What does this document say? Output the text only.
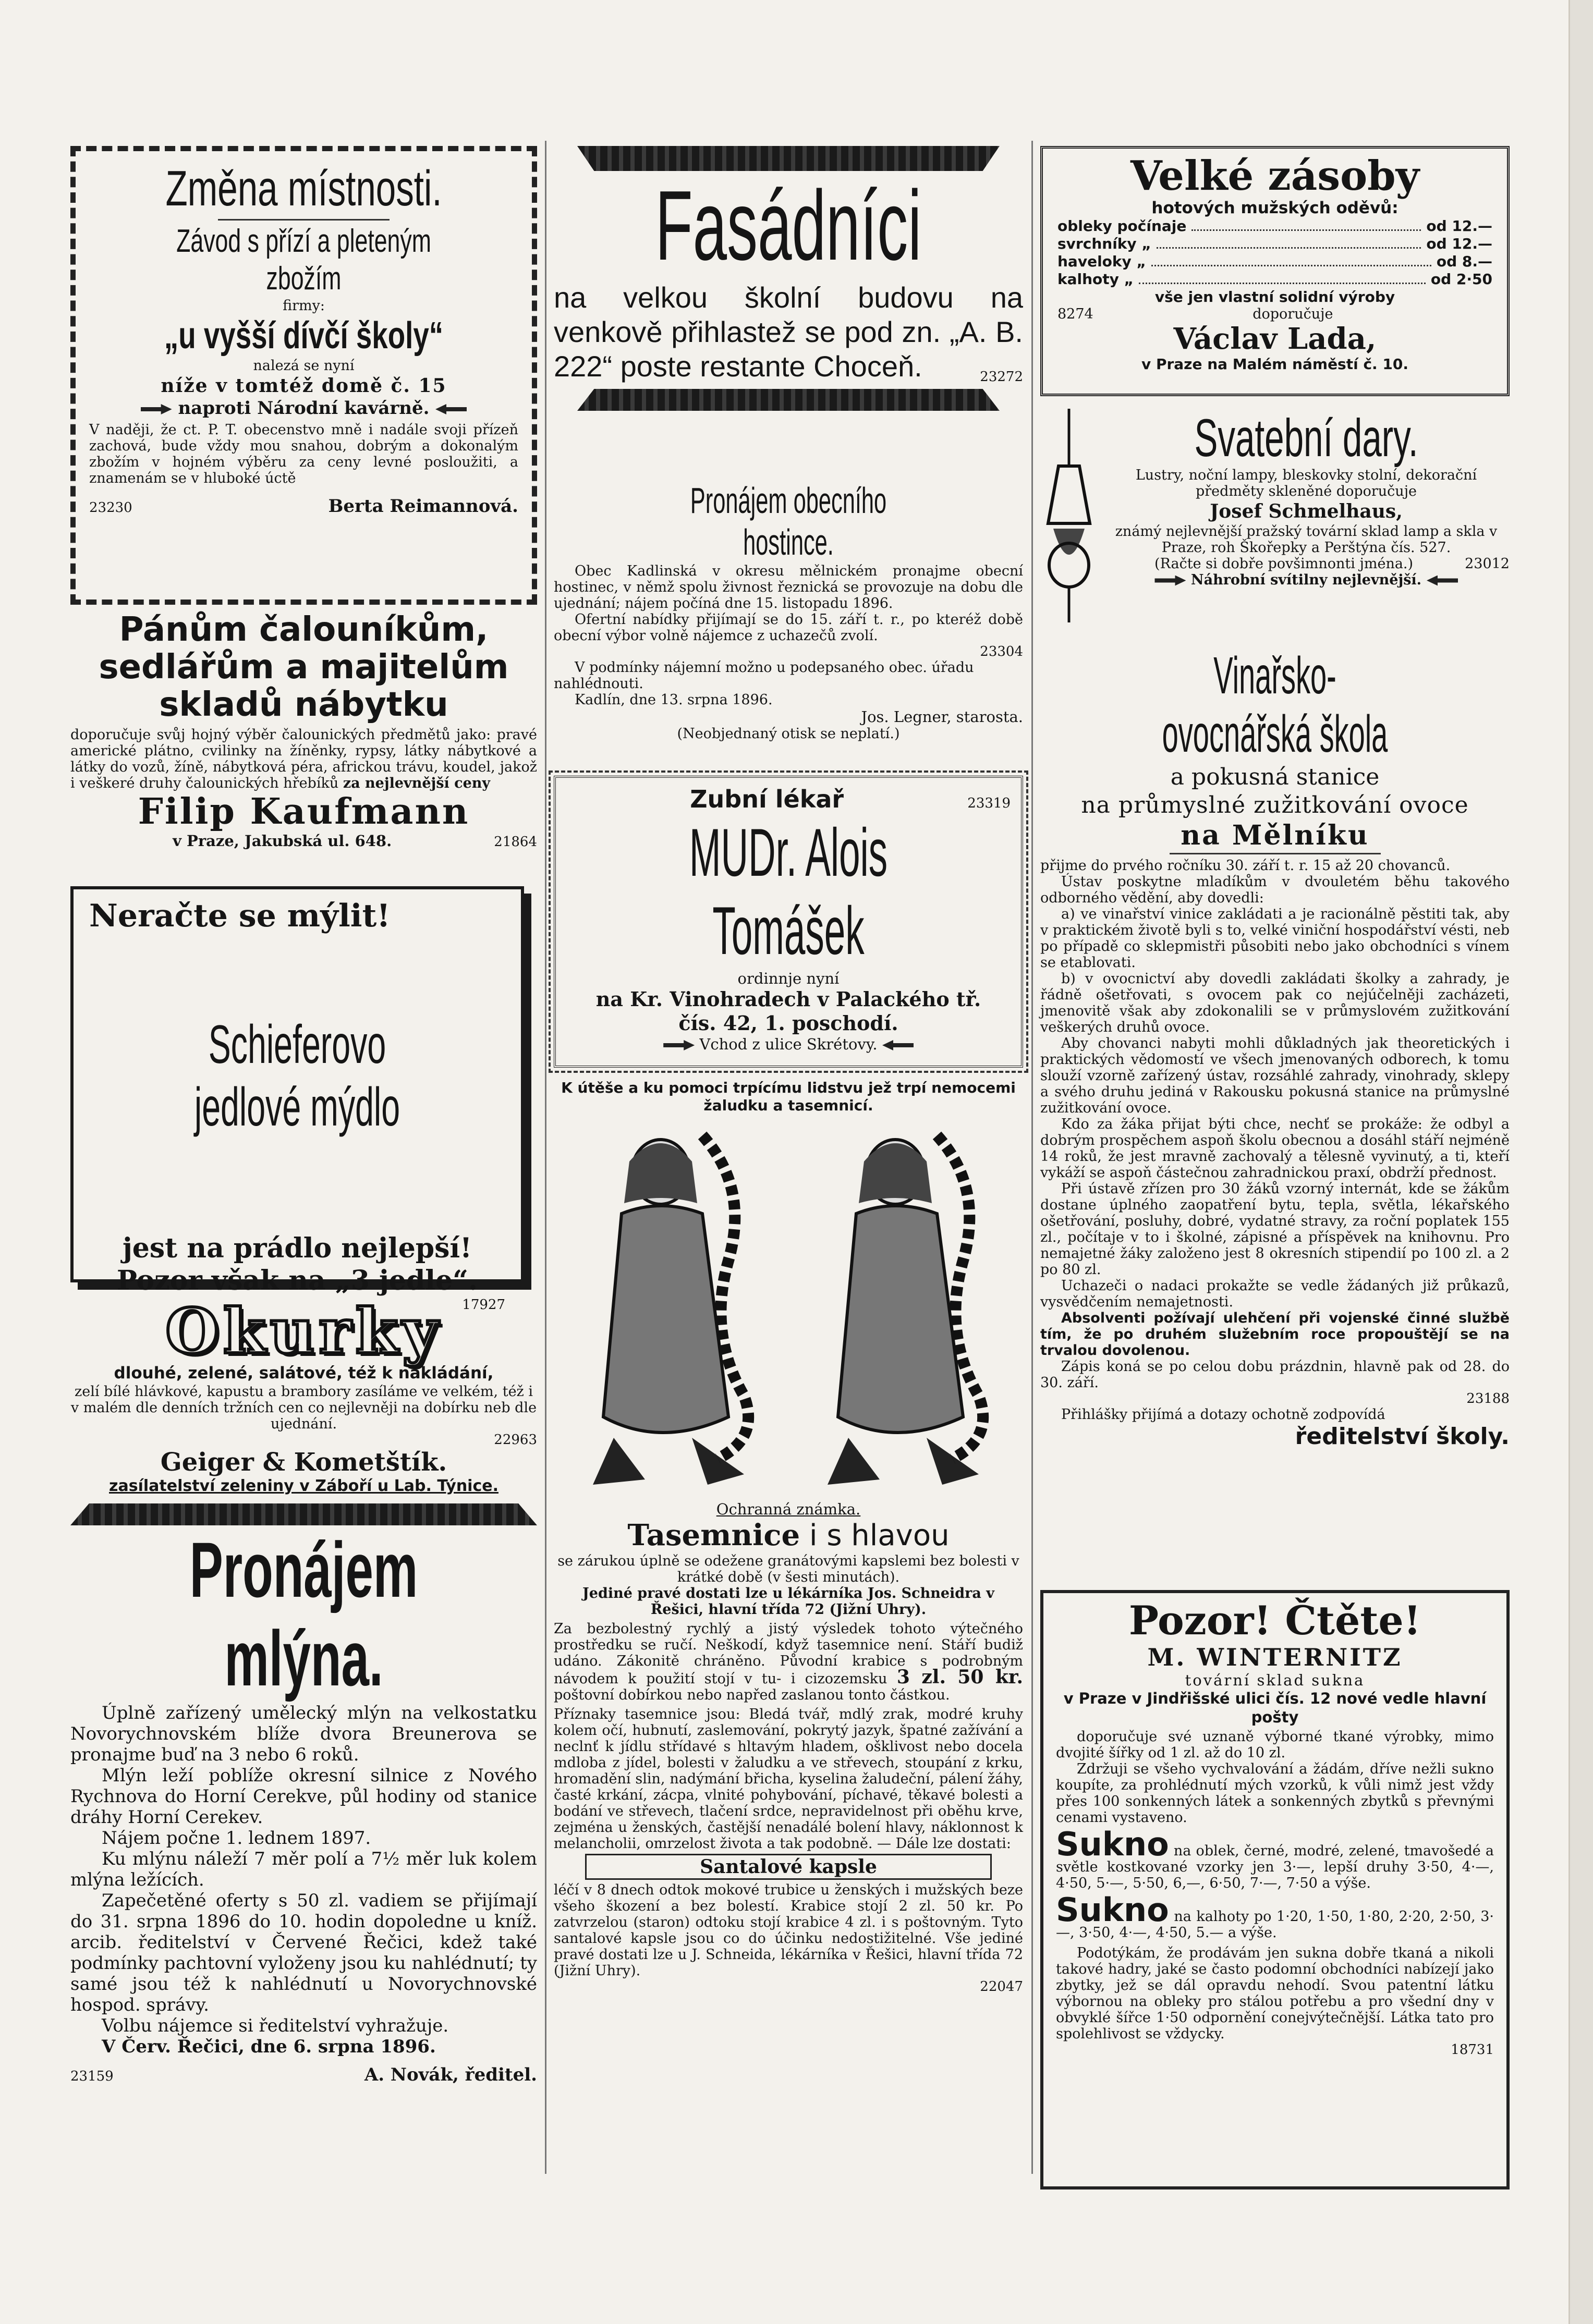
Změna místnosti.
Závod s přízí a pleteným zbožím
firmy:
„u vyšší dívčí školy“
nalezá se nyní
níže v tomtéž domě č. 15
naproti Národní kavárně.

V naději, že ct. P. T. obecenstvo mně i nadále svoji přízeň zachová, bude vždy mou snahou, dobrým a dokonalým zbožím v hojném výběru za ceny levné posloužiti, a znamenám se v hluboké úctě

23230	Berta Reimannová.
Pánům čalouníkům,
sedlářům a majitelům
skladů nábytku

doporučuje svůj hojný výběr čalounických předmětů jako: pravé americké plátno, cvilinky na žíněnky, rypsy, látky nábytkové a látky do vozů, žíně, nábytková péra, africkou trávu, koudel, jakož i veškeré druhy čalounických hřebíků za nejlevnější ceny

Filip Kaufmann
v Praze, Jakubská ul. 648.	21864
Neračte se mýlit!
Schieferovo jedlové mýdlo
jest na prádlo nejlepší!
Pozor však na „3 jedle“.
17927
Okurky
dlouhé, zelené, salátové, též k nakládání,

zelí bílé hlávkové, kapustu a brambory zasíláme ve velkém, též i v malém dle denních tržních cen co nejlevněji na dobírku neb dle ujednání.

22963
Geiger & Kometštík.
zasílatelství zeleniny v Záboří u Lab. Týnice.
Pronájem mlýna.

Úplně zařízený umělecký mlýn na velkostatku Novorychnovském blíže dvora Breunerova se pronajme buď na 3 nebo 6 roků.

Mlýn leží poblíže okresní silnice z Nového Rychnova do Horní Cerekve, půl hodiny od stanice dráhy Horní Cerekev.

Nájem počne 1. lednem 1897.

Ku mlýnu náleží 7 měr polí a 7½ měr luk kolem mlýna ležících.

Zapečetěné oferty s 50 zl. vadiem se přijímají do 31. srpna 1896 do 10. hodin dopoledne u kníž. arcib. ředitelství v Červené Řečici, kdež také podmínky pachtovní vyloženy jsou ku nahlédnutí; ty samé jsou též k nahlédnutí u Novorychnovské hospod. správy.

Volbu nájemce si ředitelství vyhražuje.

V Červ. Řečici, dne 6. srpna 1896.

23159	A. Novák, ředitel.
Fasádníci

na velkou školní budovu na venkově přihlastež se pod zn. „A. B. 222“ poste restante Choceň.	23272
Pronájem obecního hostince.

Obec Kadlinská v okresu mělnickém pronajme obecní hostinec, v němž spolu živnost řeznická se provozuje na dobu dle ujednání; nájem počíná dne 15. listopadu 1896.

Ofertní nabídky přijímají se do 15. září t. r., po kteréž době obecní výbor volně nájemce z uchazečů zvolí.

23304

V podmínky nájemní možno u podepsaného obec. úřadu nahlédnouti.

Kadlín, dne 13. srpna 1896.

Jos. Legner, starosta.
(Neobjednaný otisk se neplatí.)
Zubní lékař	23319
MUDr. Alois Tomášek
ordinnje nyní
na Kr. Vinohradech v Palackého tř.
čís. 42, 1. poschodí.
Vchod z ulice Skrétovy.

K útěše a ku pomoci trpícímu lidstvu jež trpí nemocemi žaludku a tasemnicí.

Ochranná známka.
Tasemnice i s hlavou

se zárukou úplně se odežene granátovými kapslemi bez bolesti v krátké době (v šesti minutách).

Jediné pravé dostati lze u lékárníka Jos. Schneidra v Řešici, hlavní třída 72 (Jižní Uhry).

Za bezbolestný rychlý a jistý výsledek tohoto výtečného prostředku se ručí. Neškodí, když tasemnice není. Stáří budiž udáno. Zákonitě chráněno. Původní krabice s podrobným návodem k použití stojí v tu- i cizozemsku 3 zl. 50 kr. poštovní dobírkou nebo napřed zaslanou tonto částkou.

Příznaky tasemnice jsou: Bledá tvář, mdlý zrak, modré kruhy kolem očí, hubnutí, zaslemování, pokrytý jazyk, špatné zažívání a neclnť k jídlu střídavé s hltavým hladem, ošklivost nebo docela mdloba z jídel, bolesti v žaludku a ve střevech, stoupání z krku, hromadění slin, nadýmání břicha, kyselina žaludeční, pálení žáhy, časté krkání, zácpa, vlnité pohybování, píchavé, těkavé bolesti a bodání ve střevech, tlačení srdce, nepravidelnost při oběhu krve, zejména u ženských, častější nenadálé bolení hlavy, náklonnost k melancholii, omrzelost života a tak podobně. — Dále lze dostati:

Santalové kapsle

léčí v 8 dnech odtok mokové trubice u ženských i mužských beze všeho škození a bez bolestí. Krabice stojí 2 zl. 50 kr. Po zatvrzelou (staron) odtoku stojí krabice 4 zl. i s poštovným. Tyto santalové kapsle jsou co do účinku nedostižitelné. Vše jediné pravé dostati lze u J. Schneida, lékárníka v Řešici, hlavní třída 72 (Jižní Uhry).

22047
Velké zásoby
hotových mužských oděvů:
obleky počínaje	od 12.—
svrchníky „	od 12.—
haveloky „	od 8.—
kalhoty „	od 2·50
vše jen vlastní solidní výroby
8274	doporučuje
Václav Lada,
v Praze na Malém náměstí č. 10.
Svatební dary.

Lustry, noční lampy, bleskovky stolní, dekorační předměty skleněné doporučuje

Josef Schmelhaus,

známý nejlevnější pražský tovární sklad lamp a skla v Praze, roh Škořepky a Perštýna čís. 527.

(Račte si dobře povšimnonti jména.)	23012
Náhrobní svítilny nejlevnější.
Vinařsko-ovocnářská škola
a pokusná stanice
na průmyslné zužitkování ovoce
na Mělníku

přijme do prvého ročníku 30. září t. r. 15 až 20 chovanců.

Ústav poskytne mladíkům v dvouletém běhu takového odborného vědění, aby dovedli:

a) ve vinařství vinice zakládati a je racionálně pěstiti tak, aby v praktickém životě byli s to, velké viniční hospodářství vésti, neb po případě co sklepmistři působiti nebo jako obchodníci s vínem se etablovati.

b) v ovocnictví aby dovedli zakládati školky a zahrady, je řádně ošetřovati, s ovocem pak co nejúčelněji zacházeti, jmenovitě však aby zdokonalili se v průmyslovém zužitkování veškerých druhů ovoce.

Aby chovanci nabyti mohli důkladných jak theoretických i praktických vědomostí ve všech jmenovaných odborech, k tomu slouží vzorně zařízený ústav, rozsáhlé zahrady, vinohrady, sklepy a svého druhu jediná v Rakousku pokusná stanice na průmyslné zužitkování ovoce.

Kdo za žáka přijat býti chce, nechť se prokáže: že odbyl a dobrým prospěchem aspoň školu obecnou a dosáhl stáří nejméně 14 roků, že jest mravně zachovalý a tělesně vyvinutý, a ti, kteří vykáží se aspoň částečnou zahradnickou praxí, obdrží přednost.

Při ústavě zřízen pro 30 žáků vzorný internát, kde se žákům dostane úplného zaopatření bytu, tepla, světla, lékařského ošetřování, posluhy, dobré, vydatné stravy, za roční poplatek 155 zl., počítaje v to i školné, zápisné a příspěvek na knihovnu. Pro nemajetné žáky založeno jest 8 okresních stipendií po 100 zl. a 2 po 80 zl.

Uchazeči o nadaci prokažte se vedle žádaných již průkazů, vysvědčením nemajetnosti.

Absolventi požívají ulehčení při vojenské činné službě tím, že po druhém služebním roce propouštějí se na trvalou dovolenou.

Zápis koná se po celou dobu prázdnin, hlavně pak od 28. do 30. září.

23188

Přihlášky přijímá a dotazy ochotně zodpovídá

ředitelství školy.
Pozor! Čtěte!
M. WINTERNITZ
tovární sklad sukna
v Praze v Jindřišské ulici čís. 12 nové vedle hlavní pošty

doporučuje své uznaně výborné tkané výrobky, mimo dvojité šířky od 1 zl. až do 10 zl.

Zdržuji se všeho vychvalování a žádám, dříve nežli sukno koupíte, za prohlédnutí mých vzorků, k vůli nimž jest vždy přes 100 sonkenných látek a sonkenných zbytků s převnými cenami vystaveno.

Sukno na oblek, černé, modré, zelené, tmavošedé a světle kostkované vzorky jen 3·—, lepší druhy 3·50, 4·—, 4·50, 5·—, 5·50, 6,—, 6·50, 7·—, 7·50 a výše.

Sukno na kalhoty po 1·20, 1·50, 1·80, 2·20, 2·50, 3·—, 3·50, 4·—, 4·50, 5.— a výše.

Podotýkám, že prodávám jen sukna dobře tkaná a nikoli takové hadry, jaké se často podomní obchodníci nabízejí jako zbytky, jež se dál opravdu nehodí. Svou patentní látku výbornou na obleky pro stálou potřebu a pro všední dny v obvyklé šířce 1·50 odpornění conejvýtečnější. Látka tato pro spolehlivost se vždycky.

18731
